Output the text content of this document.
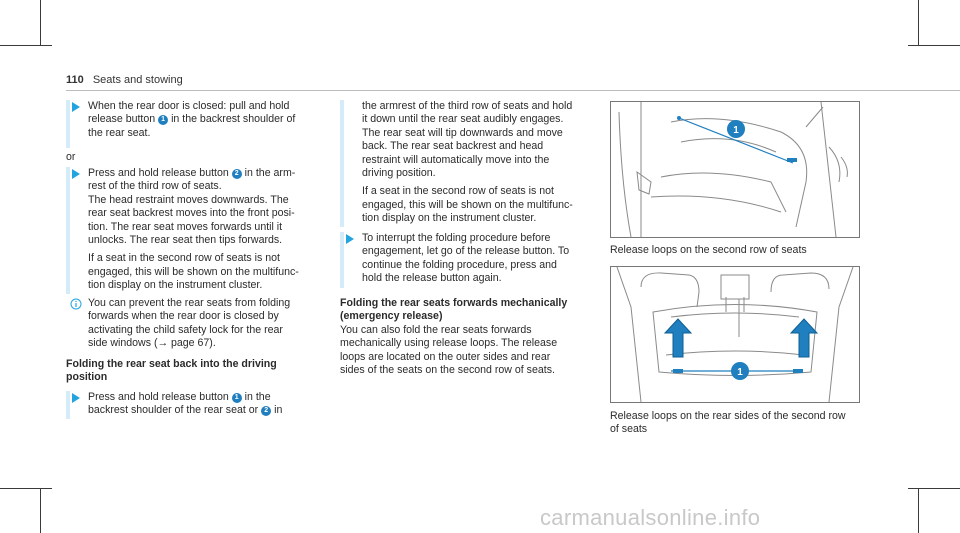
110 Seats and stowing
When the rear door is closed: pull and hold
release button 1 in the backrest shoulder of
the rear seat.
or
Press and hold release button 2 in the arm-
rest of the third row of seats.
The head restraint moves downwards. The
rear seat backrest moves into the front posi-
tion. The rear seat moves forwards until it
unlocks. The rear seat then tips forwards.
If a seat in the second row of seats is not
engaged, this will be shown on the multifunc-
tion display on the instrument cluster.
You can prevent the rear seats from folding
forwards when the rear door is closed by
activating the child safety lock for the rear
side windows (→ page 67).
Folding the rear seat back into the driving
position
Press and hold release button 1 in the
backrest shoulder of the rear seat or 2 in
the armrest of the third row of seats and hold
it down until the rear seat audibly engages.
The rear seat will tip downwards and move
back. The rear seat backrest and head
restraint will automatically move into the
driving position.
If a seat in the second row of seats is not
engaged, this will be shown on the multifunc-
tion display on the instrument cluster.
To interrupt the folding procedure before
engagement, let go of the release button. To
continue the folding procedure, press and
hold the release button again.
Folding the rear seats forwards mechanically
(emergency release)
You can also fold the rear seats forwards
mechanically using release loops. The release
loops are located on the outer sides and rear
sides of the seats on the second row of seats.
1
Release loops on the second row of seats
1
Release loops on the rear sides of the second row
of seats
carmanualsonline.info
